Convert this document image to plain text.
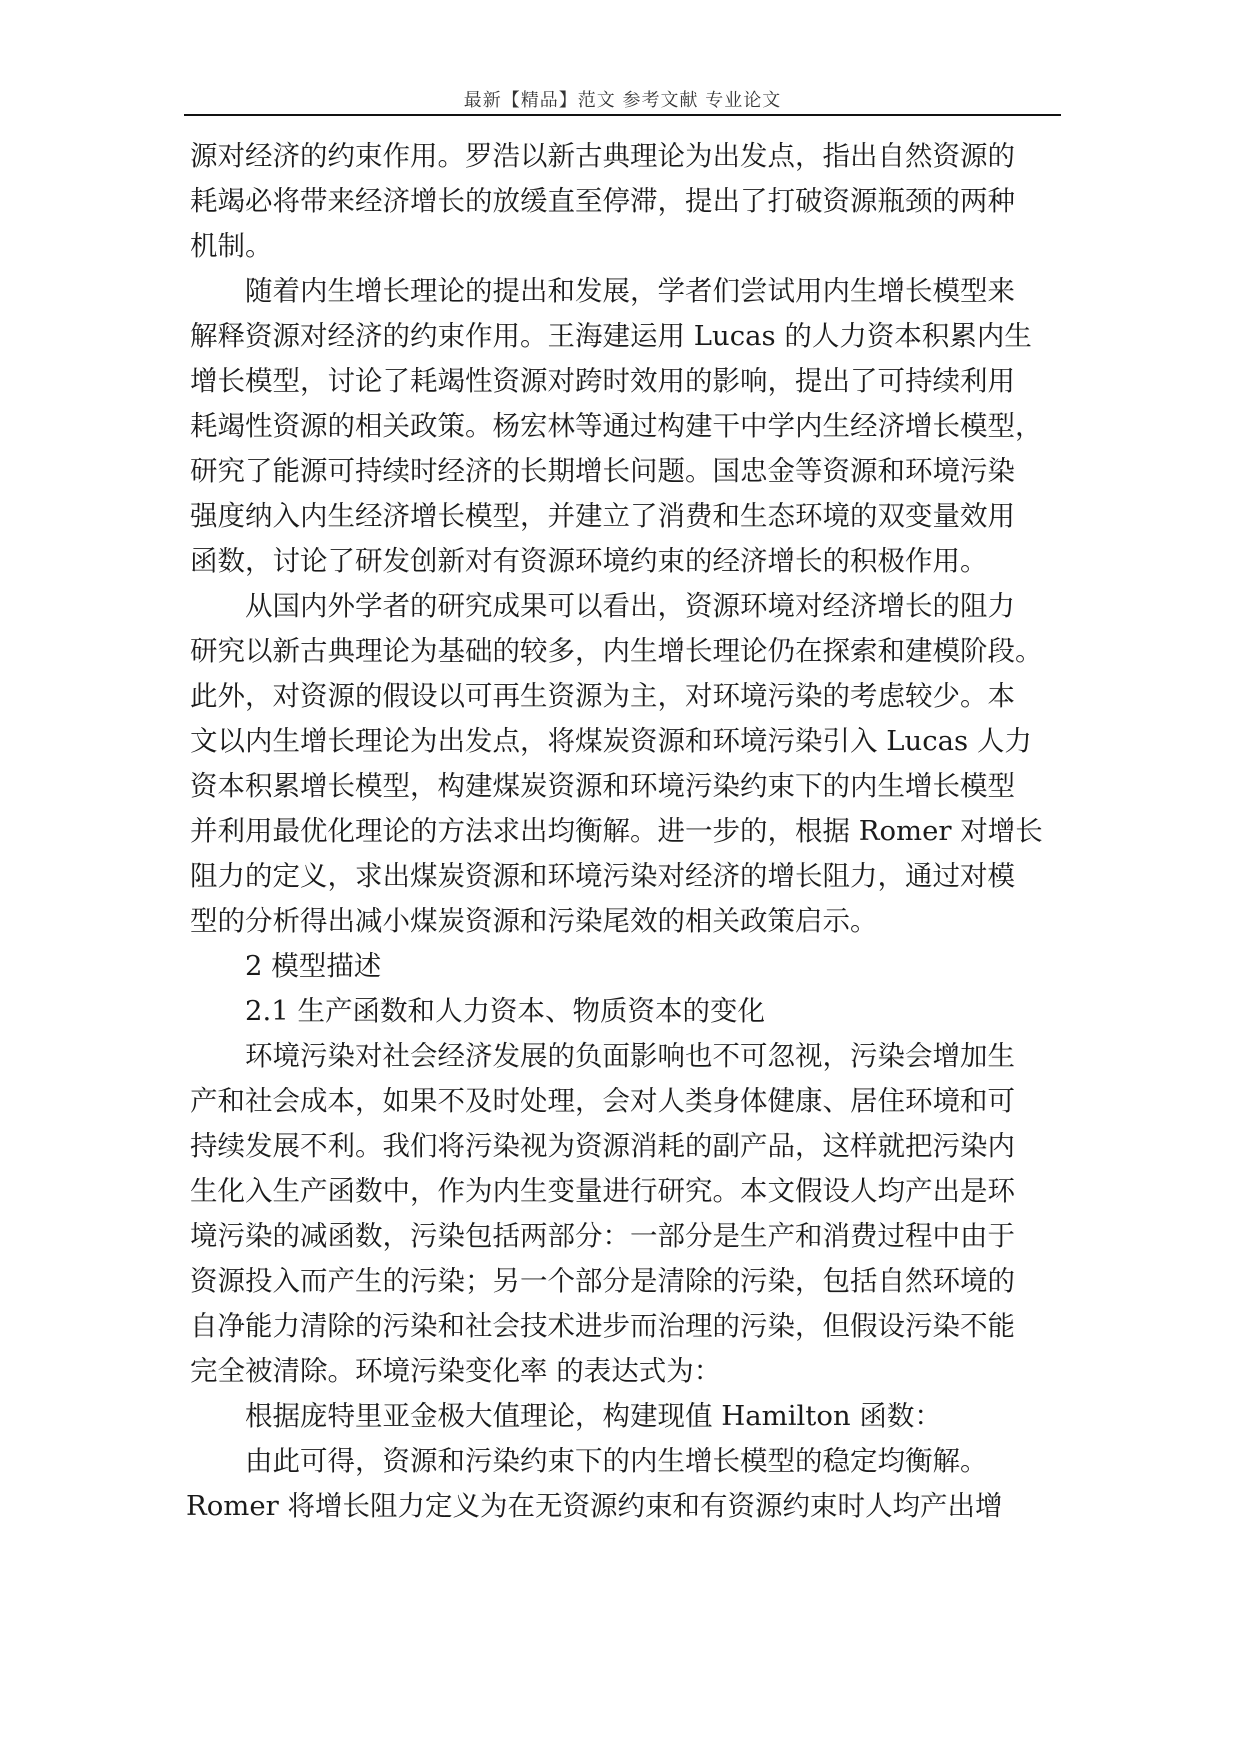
最新【精品】范文 参考文献 专业论文
源对经济的约束作用。罗浩以新古典理论为出发点，指出自然资源的
耗竭必将带来经济增长的放缓直至停滞，提出了打破资源瓶颈的两种
机制。
随着内生增长理论的提出和发展，学者们尝试用内生增长模型来
解释资源对经济的约束作用。王海建运用 Lucas 的人力资本积累内生
增长模型，讨论了耗竭性资源对跨时效用的影响，提出了可持续利用
耗竭性资源的相关政策。杨宏林等通过构建干中学内生经济增长模型，
研究了能源可持续时经济的长期增长问题。国忠金等资源和环境污染
强度纳入内生经济增长模型，并建立了消费和生态环境的双变量效用
函数，讨论了研发创新对有资源环境约束的经济增长的积极作用。
从国内外学者的研究成果可以看出，资源环境对经济增长的阻力
研究以新古典理论为基础的较多，内生增长理论仍在探索和建模阶段。
此外，对资源的假设以可再生资源为主，对环境污染的考虑较少。本
文以内生增长理论为出发点，将煤炭资源和环境污染引入 Lucas 人力
资本积累增长模型，构建煤炭资源和环境污染约束下的内生增长模型
并利用最优化理论的方法求出均衡解。进一步的，根据 Romer 对增长
阻力的定义，求出煤炭资源和环境污染对经济的增长阻力，通过对模
型的分析得出减小煤炭资源和污染尾效的相关政策启示。
2 模型描述
2.1 生产函数和人力资本、物质资本的变化
环境污染对社会经济发展的负面影响也不可忽视，污染会增加生
产和社会成本，如果不及时处理，会对人类身体健康、居住环境和可
持续发展不利。我们将污染视为资源消耗的副产品，这样就把污染内
生化入生产函数中，作为内生变量进行研究。本文假设人均产出是环
境污染的减函数，污染包括两部分：一部分是生产和消费过程中由于
资源投入而产生的污染；另一个部分是清除的污染，包括自然环境的
自净能力清除的污染和社会技术进步而治理的污染，但假设污染不能
完全被清除。环境污染变化率 的表达式为：
根据庞特里亚金极大值理论，构建现值 Hamilton 函数：
由此可得，资源和污染约束下的内生增长模型的稳定均衡解。
Romer 将增长阻力定义为在无资源约束和有资源约束时人均产出增
